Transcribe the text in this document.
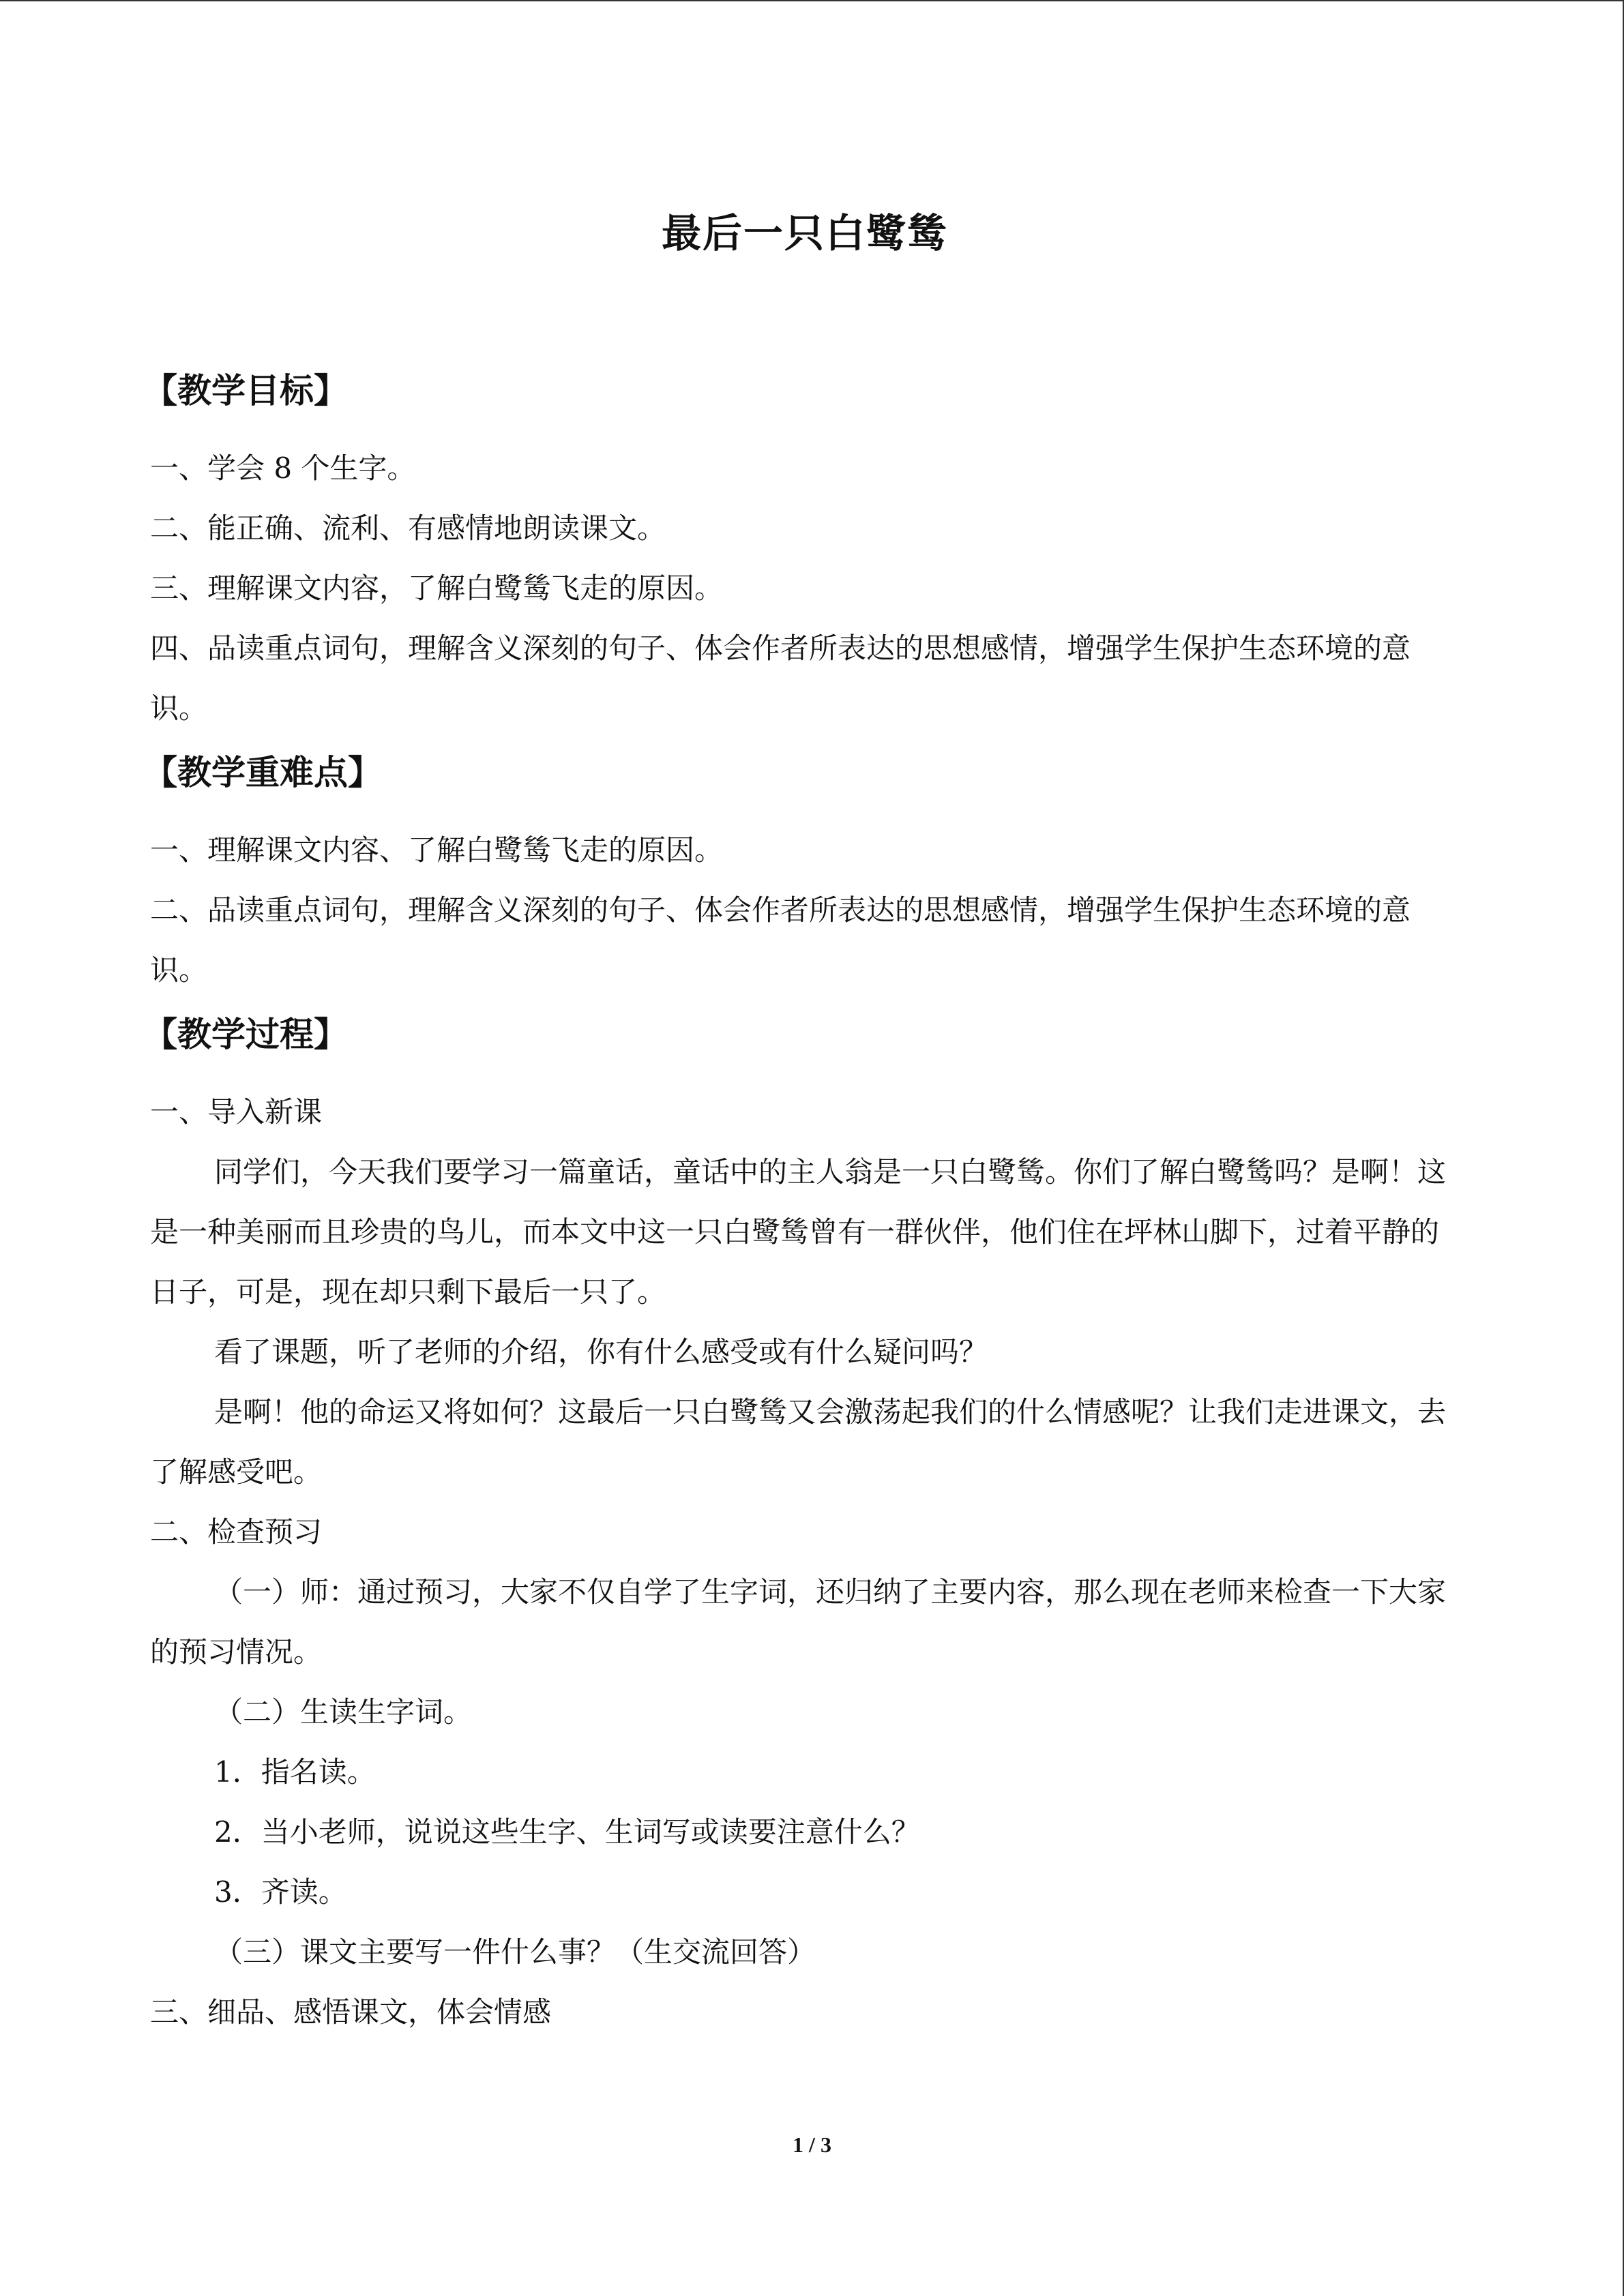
最后一只白鹭鸶
【教学目标】

一、学会 8 个生字。

二、能正确、流利、有感情地朗读课文。

三、理解课文内容，了解白鹭鸶飞走的原因。

四、品读重点词句，理解含义深刻的句子、体会作者所表达的思想感情，增强学生保护生态环境的意识。

【教学重难点】

一、理解课文内容、了解白鹭鸶飞走的原因。

二、品读重点词句，理解含义深刻的句子、体会作者所表达的思想感情，增强学生保护生态环境的意识。

【教学过程】

一、导入新课

同学们，今天我们要学习一篇童话，童话中的主人翁是一只白鹭鸶。你们了解白鹭鸶吗？是啊！这是一种美丽而且珍贵的鸟儿，而本文中这一只白鹭鸶曾有一群伙伴，他们住在坪林山脚下，过着平静的日子，可是，现在却只剩下最后一只了。

看了课题，听了老师的介绍，你有什么感受或有什么疑问吗？

是啊！他的命运又将如何？这最后一只白鹭鸶又会激荡起我们的什么情感呢？让我们走进课文，去了解感受吧。

二、检查预习

（一）师：通过预习，大家不仅自学了生字词，还归纳了主要内容，那么现在老师来检查一下大家的预习情况。

（二）生读生字词。

1．指名读。

2．当小老师，说说这些生字、生词写或读要注意什么？

3．齐读。

（三）课文主要写一件什么事？（生交流回答）

三、细品、感悟课文，体会情感

1 / 3
